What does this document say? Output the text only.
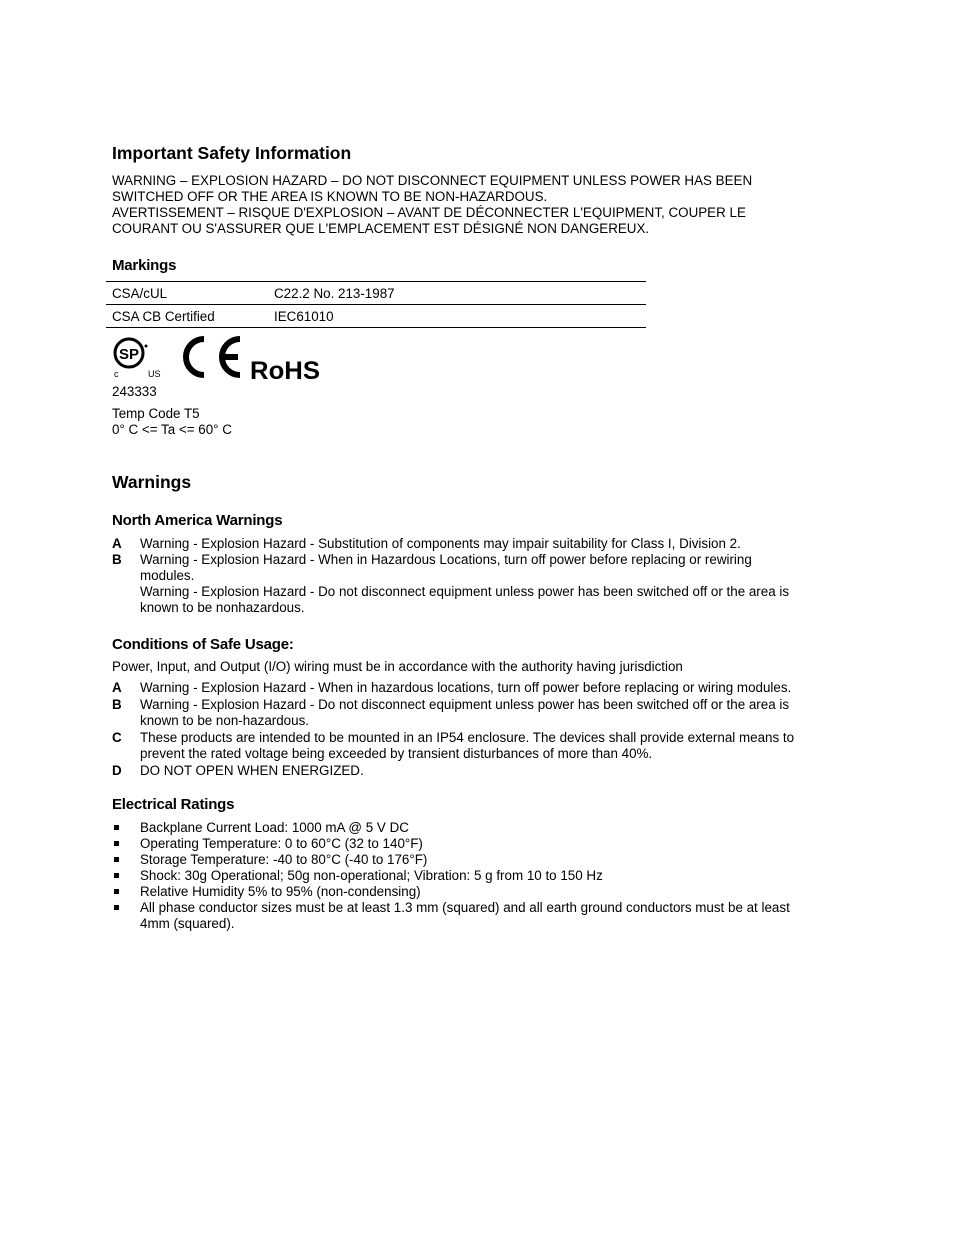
Important Safety Information
WARNING – EXPLOSION HAZARD – DO NOT DISCONNECT EQUIPMENT UNLESS POWER HAS BEEN
SWITCHED OFF OR THE AREA IS KNOWN TO BE NON-HAZARDOUS.
AVERTISSEMENT – RISQUE D'EXPLOSION – AVANT DE DÉCONNECTER L'EQUIPMENT, COUPER LE
COURANT OU S'ASSURER QUE L'EMPLACEMENT EST DÉSIGNÉ NON DANGEREUX.
Markings
CSA/cUL	C22.2 No. 213-1987
CSA CB Certified	IEC61010
SP
c	US	RoHS
243333
Temp Code T5
0° C <= Ta <= 60° C
Warnings
North America Warnings
A	Warning - Explosion Hazard - Substitution of components may impair suitability for Class I, Division 2.
B	Warning - Explosion Hazard - When in Hazardous Locations, turn off power before replacing or rewiring
modules.
Warning - Explosion Hazard - Do not disconnect equipment unless power has been switched off or the area is
known to be nonhazardous.
Conditions of Safe Usage:
Power, Input, and Output (I/O) wiring must be in accordance with the authority having jurisdiction
A	Warning - Explosion Hazard - When in hazardous locations, turn off power before replacing or wiring modules.
B	Warning - Explosion Hazard - Do not disconnect equipment unless power has been switched off or the area is
known to be non-hazardous.
C	These products are intended to be mounted in an IP54 enclosure. The devices shall provide external means to
prevent the rated voltage being exceeded by transient disturbances of more than 40%.
D	DO NOT OPEN WHEN ENERGIZED.
Electrical Ratings
Backplane Current Load: 1000 mA @ 5 V DC
Operating Temperature: 0 to 60°C (32 to 140°F)
Storage Temperature: -40 to 80°C (-40 to 176°F)
Shock: 30g Operational; 50g non-operational; Vibration: 5 g from 10 to 150 Hz
Relative Humidity 5% to 95% (non-condensing)
All phase conductor sizes must be at least 1.3 mm (squared) and all earth ground conductors must be at least
4mm (squared).
